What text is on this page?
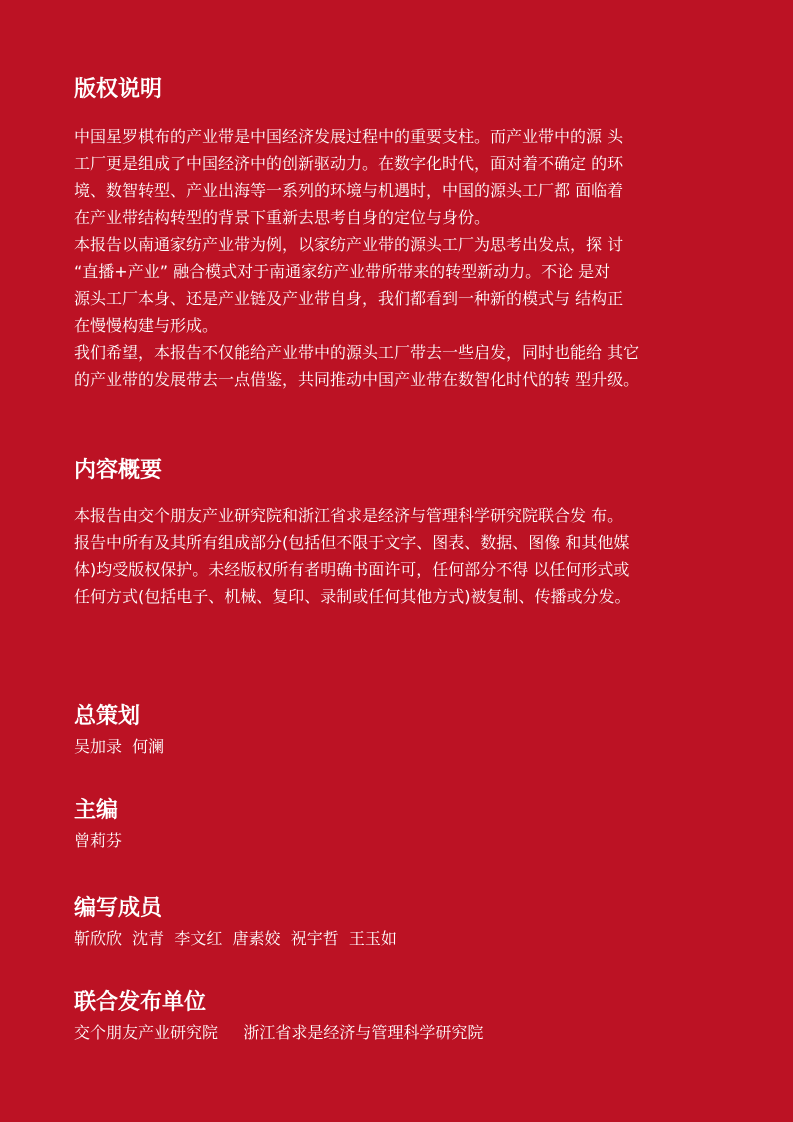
版权说明

中国星罗棋布的产业带是中国经济发展过程中的重要支柱。而产业带中的源 头
工厂更是组成了中国经济中的创新驱动力。在数字化时代，面对着不确定 的环
境、数智转型、产业出海等一系列的环境与机遇时，中国的源头工厂都 面临着
在产业带结构转型的背景下重新去思考自身的定位与身份。

本报告以南通家纺产业带为例，以家纺产业带的源头工厂为思考出发点，探 讨
“直播+产业” 融合模式对于南通家纺产业带所带来的转型新动力。不论 是对
源头工厂本身、还是产业链及产业带自身，我们都看到一种新的模式与 结构正
在慢慢构建与形成。

我们希望，本报告不仅能给产业带中的源头工厂带去一些启发，同时也能给 其它
的产业带的发展带去一点借鉴，共同推动中国产业带在数智化时代的转 型升级。

内容概要

本报告由交个朋友产业研究院和浙江省求是经济与管理科学研究院联合发 布。
报告中所有及其所有组成部分(包括但不限于文字、图表、数据、图像 和其他媒
体)均受版权保护。未经版权所有者明确书面许可，任何部分不得 以任何形式或
任何方式(包括电子、机械、复印、录制或任何其他方式)被复制、传播或分发。

总策划

吴加录  何澜

主编

曾莉芬

编写成员

靳欣欣  沈青  李文红  唐素姣  祝宇哲  王玉如

联合发布单位

交个朋友产业研究院     浙江省求是经济与管理科学研究院
